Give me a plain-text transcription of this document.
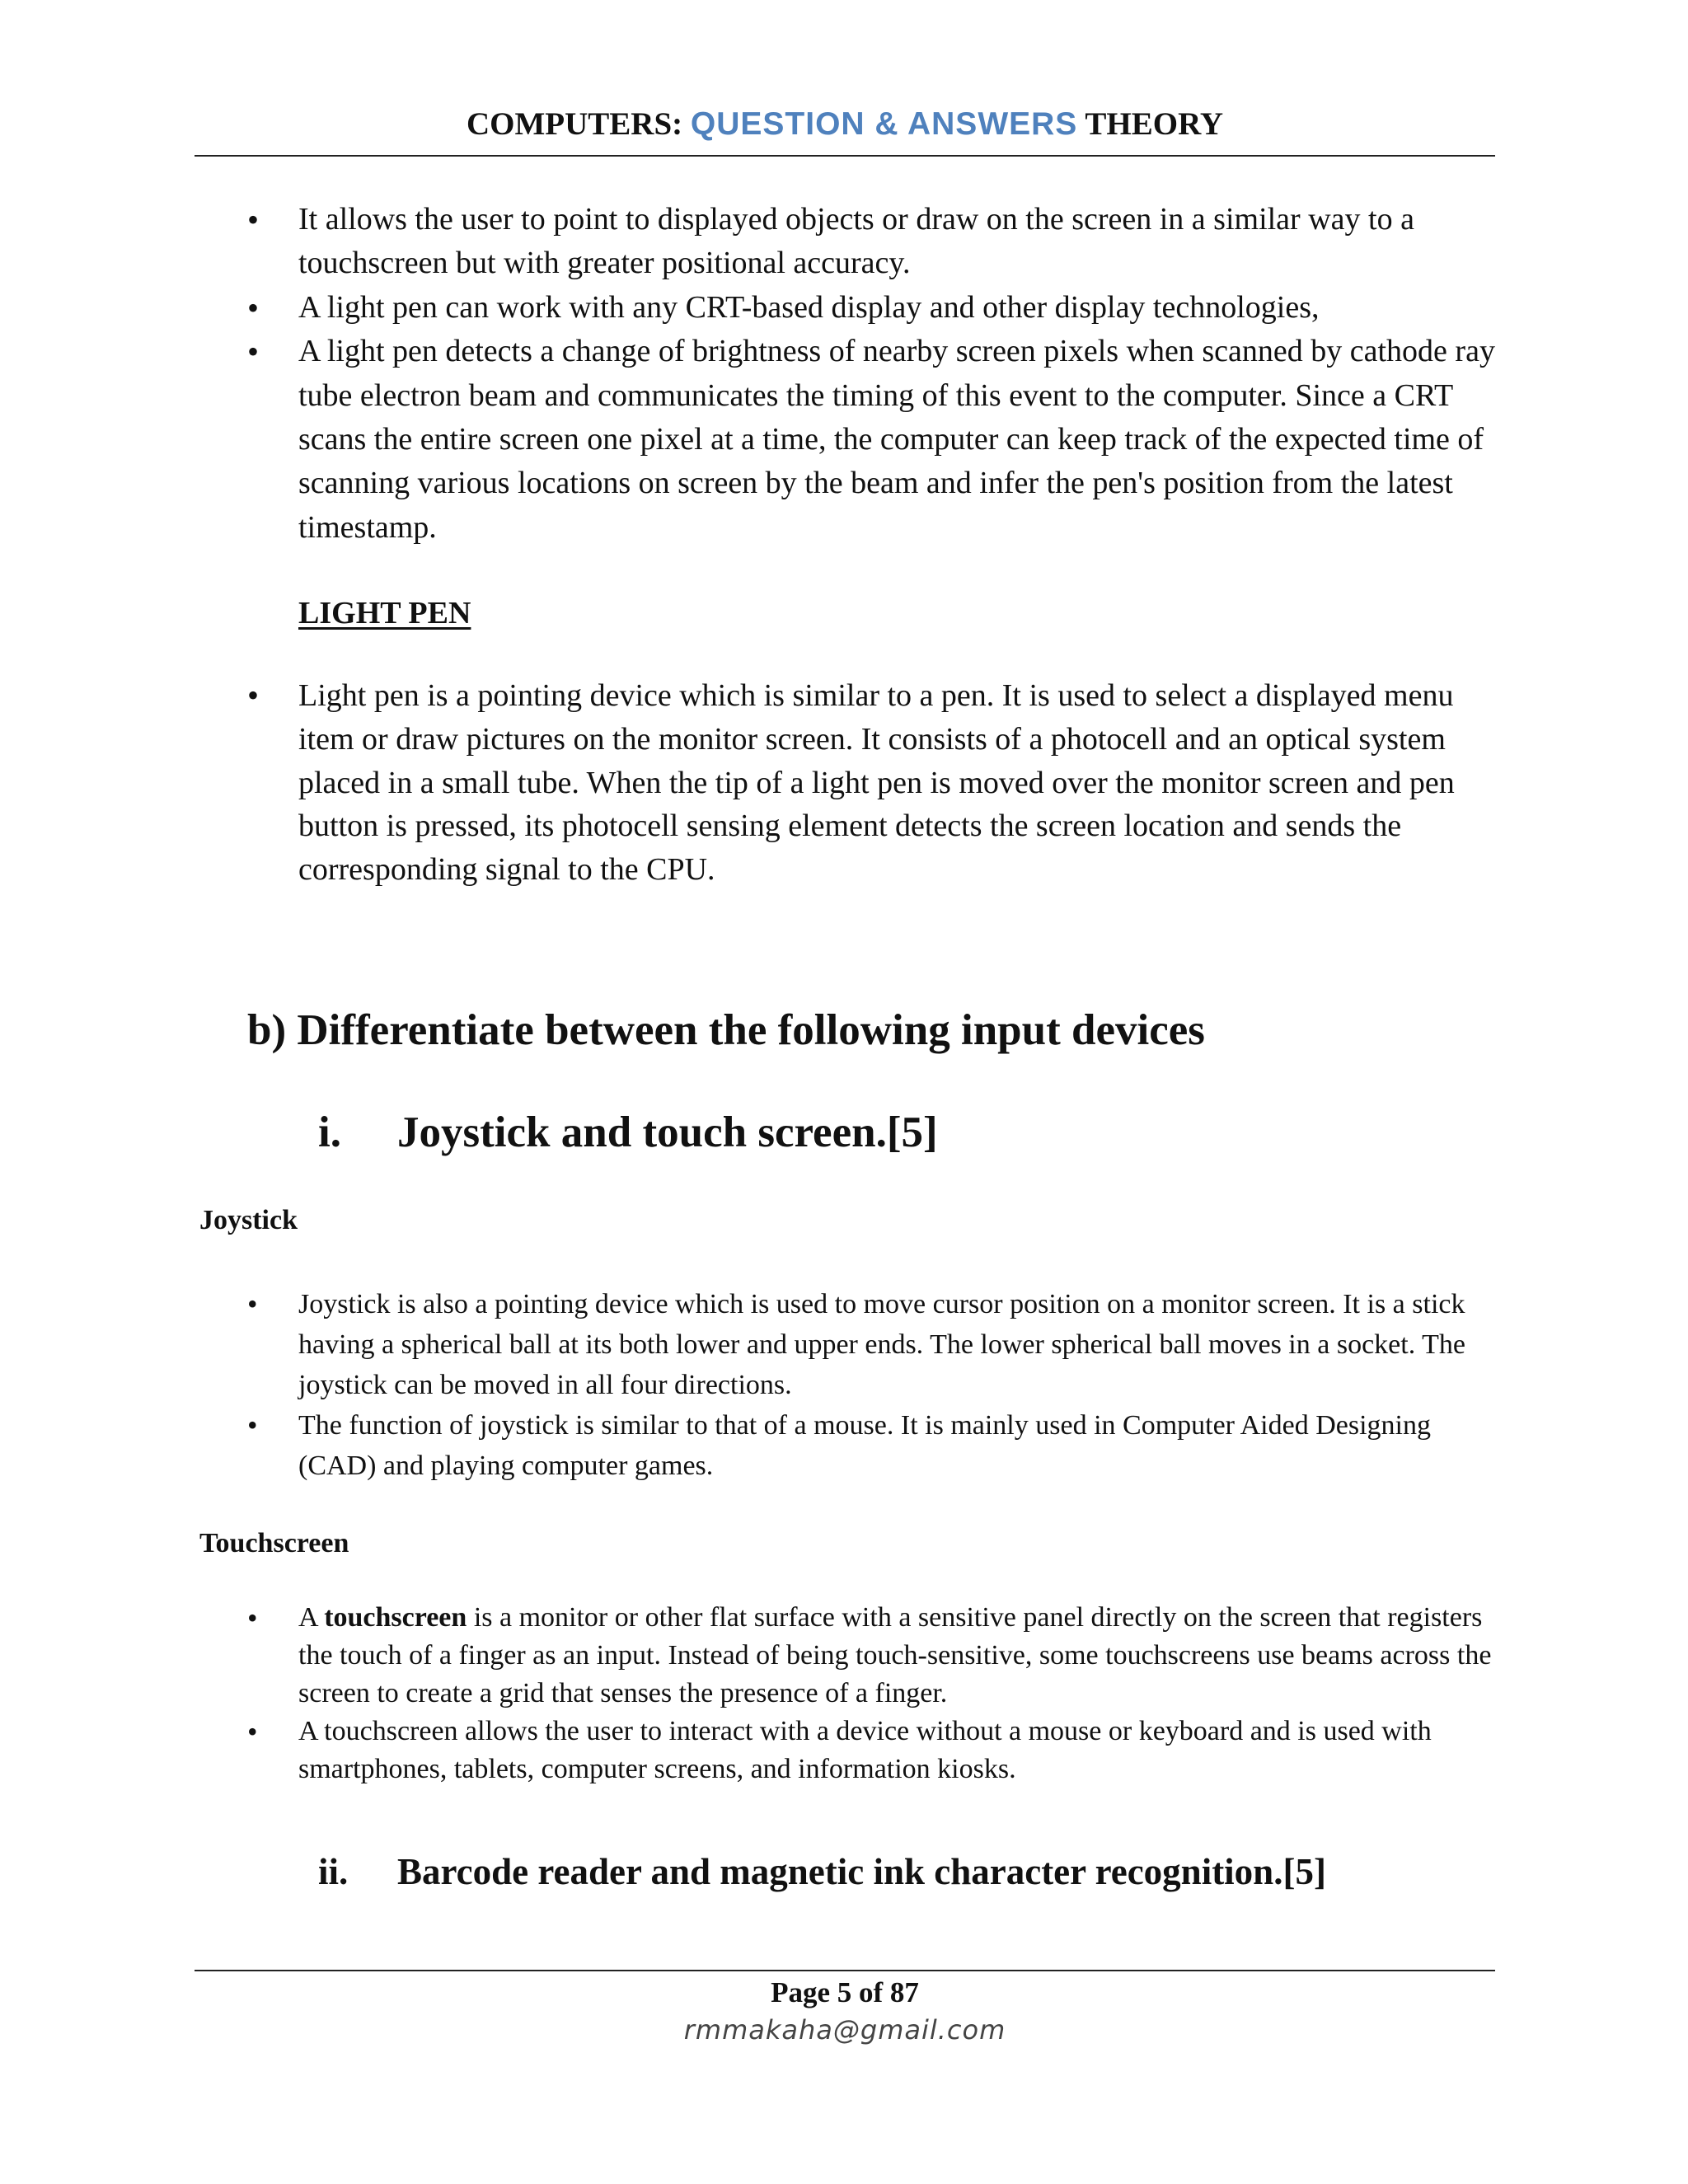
COMPUTERS: QUESTION & ANSWERS THEORY
• It allows the user to point to displayed objects or draw on the screen in a similar way to a touchscreen but with greater positional accuracy.
• A light pen can work with any CRT-based display and other display technologies,
• A light pen detects a change of brightness of nearby screen pixels when scanned by cathode ray tube electron beam and communicates the timing of this event to the computer. Since a CRT scans the entire screen one pixel at a time, the computer can keep track of the expected time of scanning various locations on screen by the beam and infer the pen's position from the latest timestamp.
LIGHT PEN
• Light pen is a pointing device which is similar to a pen. It is used to select a displayed menu item or draw pictures on the monitor screen. It consists of a photocell and an optical system placed in a small tube. When the tip of a light pen is moved over the monitor screen and pen button is pressed, its photocell sensing element detects the screen location and sends the corresponding signal to the CPU.
b) Differentiate between the following input devices
i. Joystick and touch screen.[5]
Joystick
• Joystick is also a pointing device which is used to move cursor position on a monitor screen. It is a stick having a spherical ball at its both lower and upper ends. The lower spherical ball moves in a socket. The joystick can be moved in all four directions.
• The function of joystick is similar to that of a mouse. It is mainly used in Computer Aided Designing (CAD) and playing computer games.
Touchscreen
• A touchscreen is a monitor or other flat surface with a sensitive panel directly on the screen that registers the touch of a finger as an input. Instead of being touch-sensitive, some touchscreens use beams across the screen to create a grid that senses the presence of a finger.
• A touchscreen allows the user to interact with a device without a mouse or keyboard and is used with smartphones, tablets, computer screens, and information kiosks.
ii. Barcode reader and magnetic ink character recognition.[5]
Page 5 of 87
rmmakaha@gmail.com
